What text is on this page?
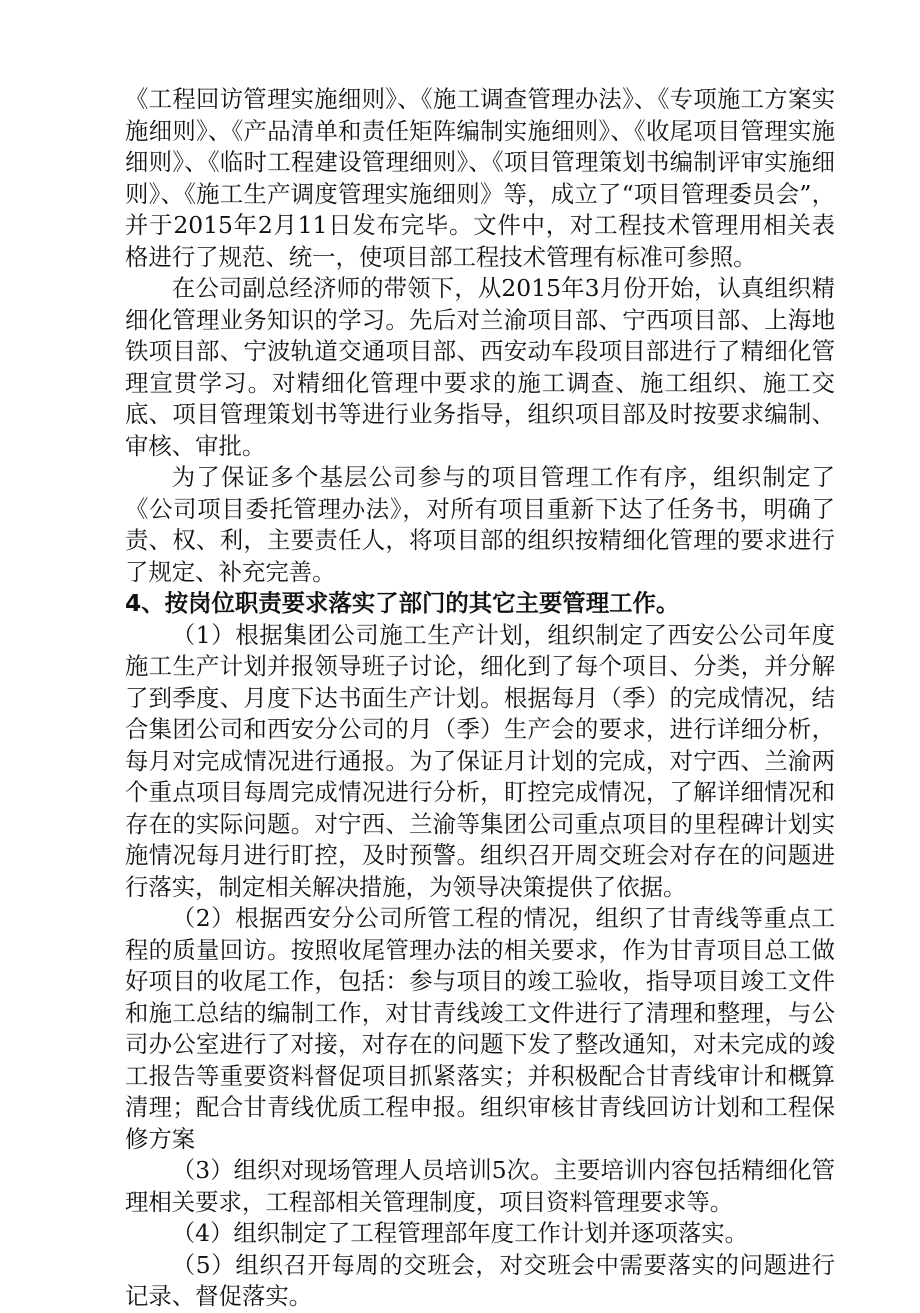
《工程回访管理实施细则》、《施工调查管理办法》、《专项施工方案实施细则》、《产品清单和责任矩阵编制实施细则》、《收尾项目管理实施细则》、《临时工程建设管理细则》、《项目管理策划书编制评审实施细则》、《施工生产调度管理实施细则》等，成立了“项目管理委员会”，并于2015年2月11日发布完毕。文件中，对工程技术管理用相关表格进行了规范、统一，使项目部工程技术管理有标准可参照。

在公司副总经济师的带领下，从2015年3月份开始，认真组织精细化管理业务知识的学习。先后对兰渝项目部、宁西项目部、上海地铁项目部、宁波轨道交通项目部、西安动车段项目部进行了精细化管理宣贯学习。对精细化管理中要求的施工调查、施工组织、施工交底、项目管理策划书等进行业务指导，组织项目部及时按要求编制、审核、审批。

为了保证多个基层公司参与的项目管理工作有序，组织制定了《公司项目委托管理办法》，对所有项目重新下达了任务书，明确了责、权、利，主要责任人，将项目部的组织按精细化管理的要求进行了规定、补充完善。

4、按岗位职责要求落实了部门的其它主要管理工作。

（1）根据集团公司施工生产计划，组织制定了西安公公司年度施工生产计划并报领导班子讨论，细化到了每个项目、分类，并分解了到季度、月度下达书面生产计划。根据每月（季）的完成情况，结合集团公司和西安分公司的月（季）生产会的要求，进行详细分析，每月对完成情况进行通报。为了保证月计划的完成，对宁西、兰渝两个重点项目每周完成情况进行分析，盯控完成情况，了解详细情况和存在的实际问题。对宁西、兰渝等集团公司重点项目的里程碑计划实施情况每月进行盯控，及时预警。组织召开周交班会对存在的问题进行落实，制定相关解决措施，为领导决策提供了依据。

（2）根据西安分公司所管工程的情况，组织了甘青线等重点工程的质量回访。按照收尾管理办法的相关要求，作为甘青项目总工做好项目的收尾工作，包括：参与项目的竣工验收，指导项目竣工文件和施工总结的编制工作，对甘青线竣工文件进行了清理和整理，与公司办公室进行了对接，对存在的问题下发了整改通知，对未完成的竣工报告等重要资料督促项目抓紧落实；并积极配合甘青线审计和概算清理；配合甘青线优质工程申报。组织审核甘青线回访计划和工程保修方案

（3）组织对现场管理人员培训5次。主要培训内容包括精细化管理相关要求，工程部相关管理制度，项目资料管理要求等。

（4）组织制定了工程管理部年度工作计划并逐项落实。

（5）组织召开每周的交班会，对交班会中需要落实的问题进行记录、督促落实。
